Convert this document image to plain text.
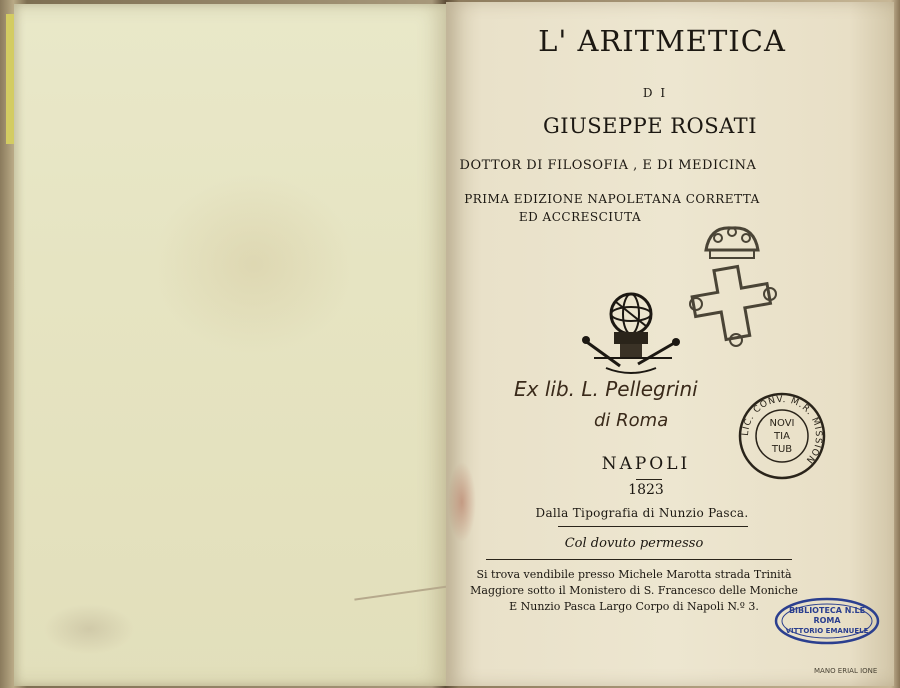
L' ARITMETICA
DI
GIUSEPPE ROSATI
DOTTOR DI FILOSOFIA , E DI MEDICINA
PRIMA EDIZIONE NAPOLETANA CORRETTA
ED ACCRESCIUTA
Ex lib. L. Pellegrini
di Roma
LIC. CONV. M.R. MISSION
NOVI
TIA
TUB
NAPOLI
1823
Dalla Tipografia di Nunzio Pasca.
Col dovuto permesso
Si trova vendibile presso Michele Marotta strada Trinità
Maggiore sotto il Monistero di S. Francesco delle Moniche
E Nunzio Pasca Largo Corpo di Napoli N.º 3.	BIBLIOTECA N.LE
ROMA
VITTORIO EMANUELE
MANO ERIAL IONE
